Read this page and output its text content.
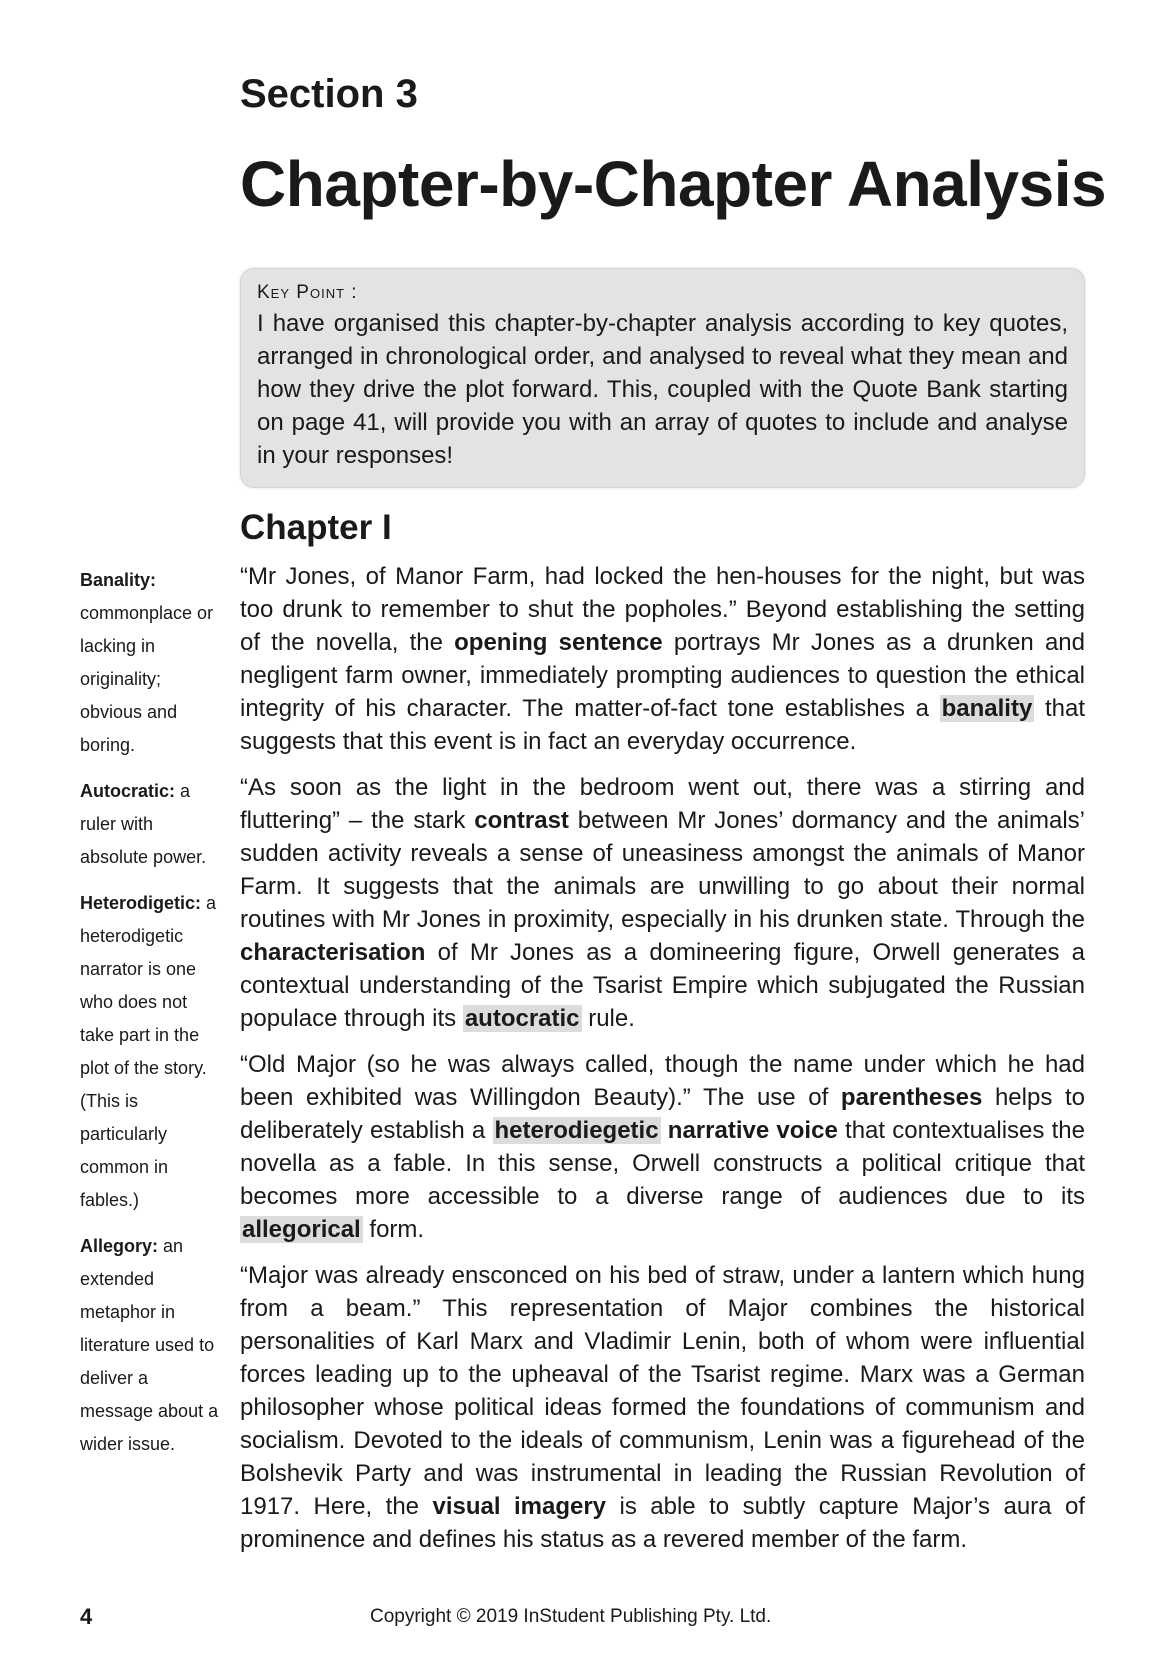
Section 3
Chapter-by-Chapter Analysis
Key Point :

I have organised this chapter-by-chapter analysis according to key quotes, arranged in chronological order, and analysed to reveal what they mean and how they drive the plot forward. This, coupled with the Quote Bank starting on page 41, will provide you with an array of quotes to include and analyse in your responses!

Chapter I

Banality: commonplace or lacking in originality; obvious and boring.

Autocratic: a ruler with absolute power.

Heterodigetic: a heterodigetic narrator is one who does not take part in the plot of the story. (This is particularly common in fables.)

Allegory: an extended metaphor in literature used to deliver a message about a wider issue.

“Mr Jones, of Manor Farm, had locked the hen-houses for the night, but was too drunk to remember to shut the popholes.” Beyond establishing the setting of the novella, the opening sentence portrays Mr Jones as a drunken and negligent farm owner, immediately prompting audiences to question the ethical integrity of his character. The matter-of-fact tone establishes a banality that suggests that this event is in fact an everyday occurrence.

“As soon as the light in the bedroom went out, there was a stirring and fluttering” – the stark contrast between Mr Jones’ dormancy and the animals’ sudden activity reveals a sense of uneasiness amongst the animals of Manor Farm. It suggests that the animals are unwilling to go about their normal routines with Mr Jones in proximity, especially in his drunken state. Through the characterisation of Mr Jones as a domineering figure, Orwell generates a contextual understanding of the Tsarist Empire which subjugated the Russian populace through its autocratic rule.

“Old Major (so he was always called, though the name under which he had been exhibited was Willingdon Beauty).” The use of parentheses helps to deliberately establish a heterodiegetic narrative voice that contextualises the novella as a fable. In this sense, Orwell constructs a political critique that becomes more accessible to a diverse range of audiences due to its allegorical form.

“Major was already ensconced on his bed of straw, under a lantern which hung from a beam.” This representation of Major combines the historical personalities of Karl Marx and Vladimir Lenin, both of whom were influential forces leading up to the upheaval of the Tsarist regime. Marx was a German philosopher whose political ideas formed the foundations of communism and socialism. Devoted to the ideals of communism, Lenin was a figurehead of the Bolshevik Party and was instrumental in leading the Russian Revolution of 1917. Here, the visual imagery is able to subtly capture Major’s aura of prominence and defines his status as a revered member of the farm.

4	Copyright © 2019 InStudent Publishing Pty. Ltd.
